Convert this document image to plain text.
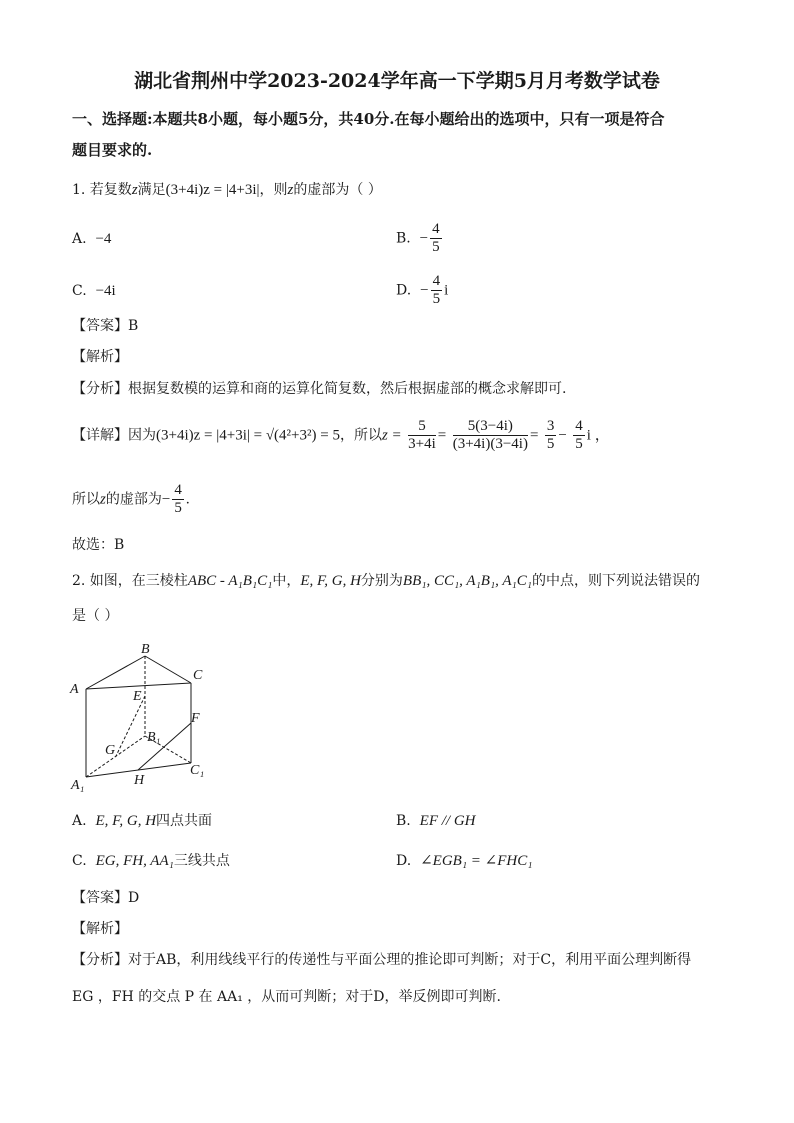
湖北省荆州中学2023-2024学年高一下学期5月月考数学试卷
一、选择题:本题共8小题，每小题5分，共40分.在每小题给出的选项中，只有一项是符合
题目要求的.
1. 若复数z满足(3+4i)z = |4+3i|，则z的虚部为（ ）
A. −4	B. − $\frac{4}{5}$
C. −4i	D. − $\frac{4}{5}$ i
【答案】B
【解析】
【分析】根据复数模的运算和商的运算化简复数，然后根据虚部的概念求解即可.
【详解】因为(3+4i)z = |4+3i| = √(4²+3²) = 5，所以$z = \frac{5}{3+4i} = \frac{5(3-4i)}{(3+4i)(3-4i)} = \frac{3}{5} - \frac{4}{5}$ i ，
所以z的虚部为− $\frac{4}{5}$ .
故选：B
2. 如图，在三棱柱ABC - A₁B₁C₁中，E, F, G, H分别为BB₁, CC₁, A₁B₁, A₁C₁的中点，则下列说法错误的
是（ ）
A
B
C
E
F
G
B₁
C₁
A₁	H
A. E, F, G, H四点共面	B. EF // GH
C. EG, FH, AA₁三线共点	D. ∠EGB₁ = ∠FHC₁
【答案】D
【解析】
【分析】对于AB，利用线线平行的传递性与平面公理的推论即可判断；对于C，利用平面公理判断得
EG ，FH 的交点 P 在 AA₁ ，从而可判断；对于D，举反例即可判断.
